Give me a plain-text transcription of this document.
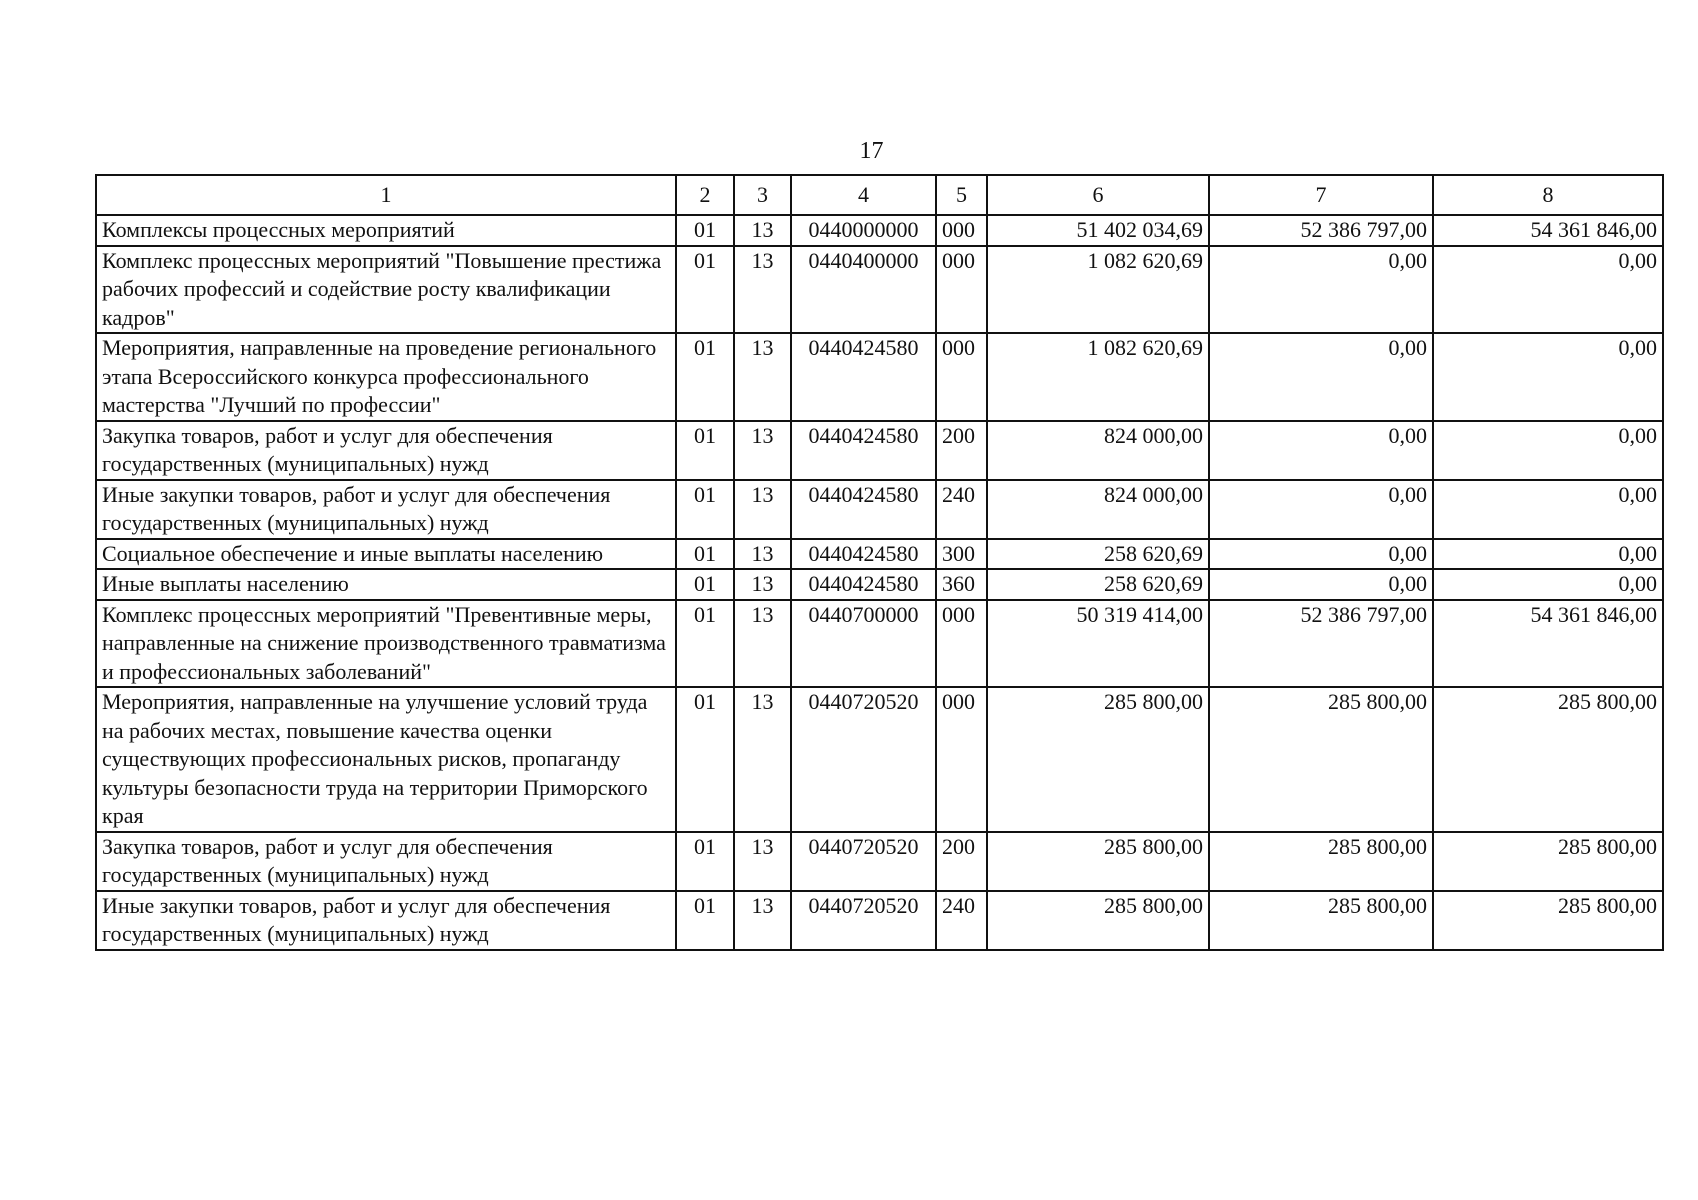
17
1	2	3	4	5	6	7	8
Комплексы процессных мероприятий	01	13	0440000000	000	51 402 034,69	52 386 797,00	54 361 846,00
Комплекс процессных мероприятий "Повышение престижа рабочих профессий и содействие росту квалификации кадров"	01	13	0440400000	000	1 082 620,69	0,00	0,00
Мероприятия, направленные на проведение регионального этапа Всероссийского конкурса профессионального мастерства "Лучший по профессии"	01	13	0440424580	000	1 082 620,69	0,00	0,00
Закупка товаров, работ и услуг для обеспечения государственных (муниципальных) нужд	01	13	0440424580	200	824 000,00	0,00	0,00
Иные закупки товаров, работ и услуг для обеспечения государственных (муниципальных) нужд	01	13	0440424580	240	824 000,00	0,00	0,00
Социальное обеспечение и иные выплаты населению	01	13	0440424580	300	258 620,69	0,00	0,00
Иные выплаты населению	01	13	0440424580	360	258 620,69	0,00	0,00
Комплекс процессных мероприятий "Превентивные меры, направленные на снижение производственного травматизма и профессиональных заболеваний"	01	13	0440700000	000	50 319 414,00	52 386 797,00	54 361 846,00
Мероприятия, направленные на улучшение условий труда на рабочих местах, повышение качества оценки существующих профессиональных рисков, пропаганду культуры безопасности труда на территории Приморского края	01	13	0440720520	000	285 800,00	285 800,00	285 800,00
Закупка товаров, работ и услуг для обеспечения государственных (муниципальных) нужд	01	13	0440720520	200	285 800,00	285 800,00	285 800,00
Иные закупки товаров, работ и услуг для обеспечения государственных (муниципальных) нужд	01	13	0440720520	240	285 800,00	285 800,00	285 800,00
